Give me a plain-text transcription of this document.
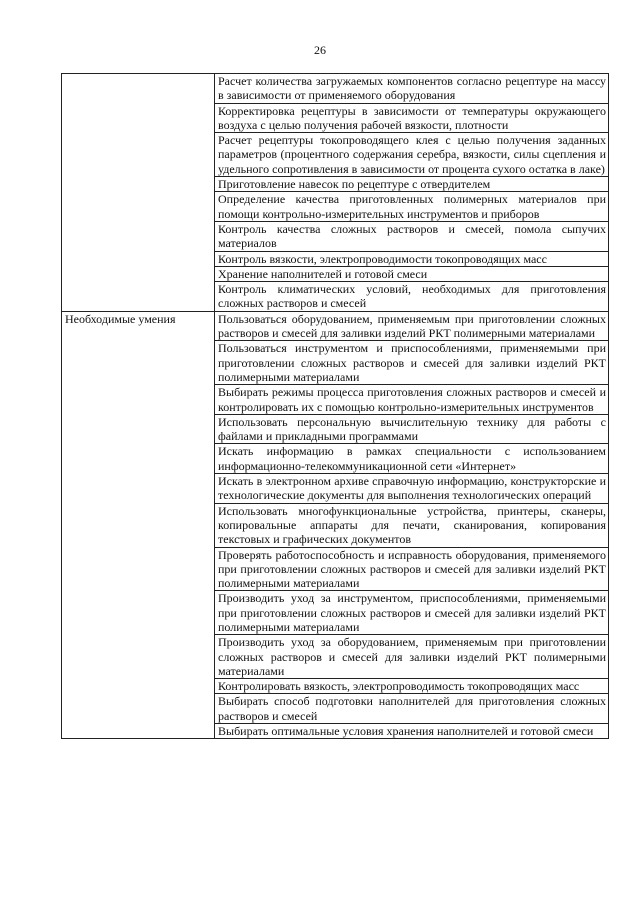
26
	Расчет количества загружаемых компонентов согласно рецептуре на массу в зависимости от применяемого оборудования
	Корректировка рецептуры в зависимости от температуры окружающего воздуха с целью получения рабочей вязкости, плотности
	Расчет рецептуры токопроводящего клея с целью получения заданных параметров (процентного содержания серебра, вязкости, силы сцепления и удельного сопротивления в зависимости от процента сухого остатка в лаке)
	Приготовление навесок по рецептуре с отвердителем
	Определение качества приготовленных полимерных материалов при помощи контрольно-измерительных инструментов и приборов
	Контроль качества сложных растворов и смесей, помола сыпучих материалов
	Контроль вязкости, электропроводимости токопроводящих масс
	Хранение наполнителей и готовой смеси
	Контроль климатических условий, необходимых для приготовления сложных растворов и смесей
Необходимые умения	Пользоваться оборудованием, применяемым при приготовлении сложных растворов и смесей для заливки изделий РКТ полимерными материалами
	Пользоваться инструментом и приспособлениями, применяемыми при приготовлении сложных растворов и смесей для заливки изделий РКТ полимерными материалами
	Выбирать режимы процесса приготовления сложных растворов и смесей и контролировать их с помощью контрольно-измерительных инструментов
	Использовать персональную вычислительную технику для работы с файлами и прикладными программами
	Искать информацию в рамках специальности с использованием информационно-телекоммуникационной сети «Интернет»
	Искать в электронном архиве справочную информацию, конструкторские и технологические документы для выполнения технологических операций
	Использовать многофункциональные устройства, принтеры, сканеры, копировальные аппараты для печати, сканирования, копирования текстовых и графических документов
	Проверять работоспособность и исправность оборудования, применяемого при приготовлении сложных растворов и смесей для заливки изделий РКТ полимерными материалами
	Производить уход за инструментом, приспособлениями, применяемыми при приготовлении сложных растворов и смесей для заливки изделий РКТ полимерными материалами
	Производить уход за оборудованием, применяемым при приготовлении сложных растворов и смесей для заливки изделий РКТ полимерными материалами
	Контролировать вязкость, электропроводимость токопроводящих масс
	Выбирать способ подготовки наполнителей для приготовления сложных растворов и смесей
	Выбирать оптимальные условия хранения наполнителей и готовой смеси
